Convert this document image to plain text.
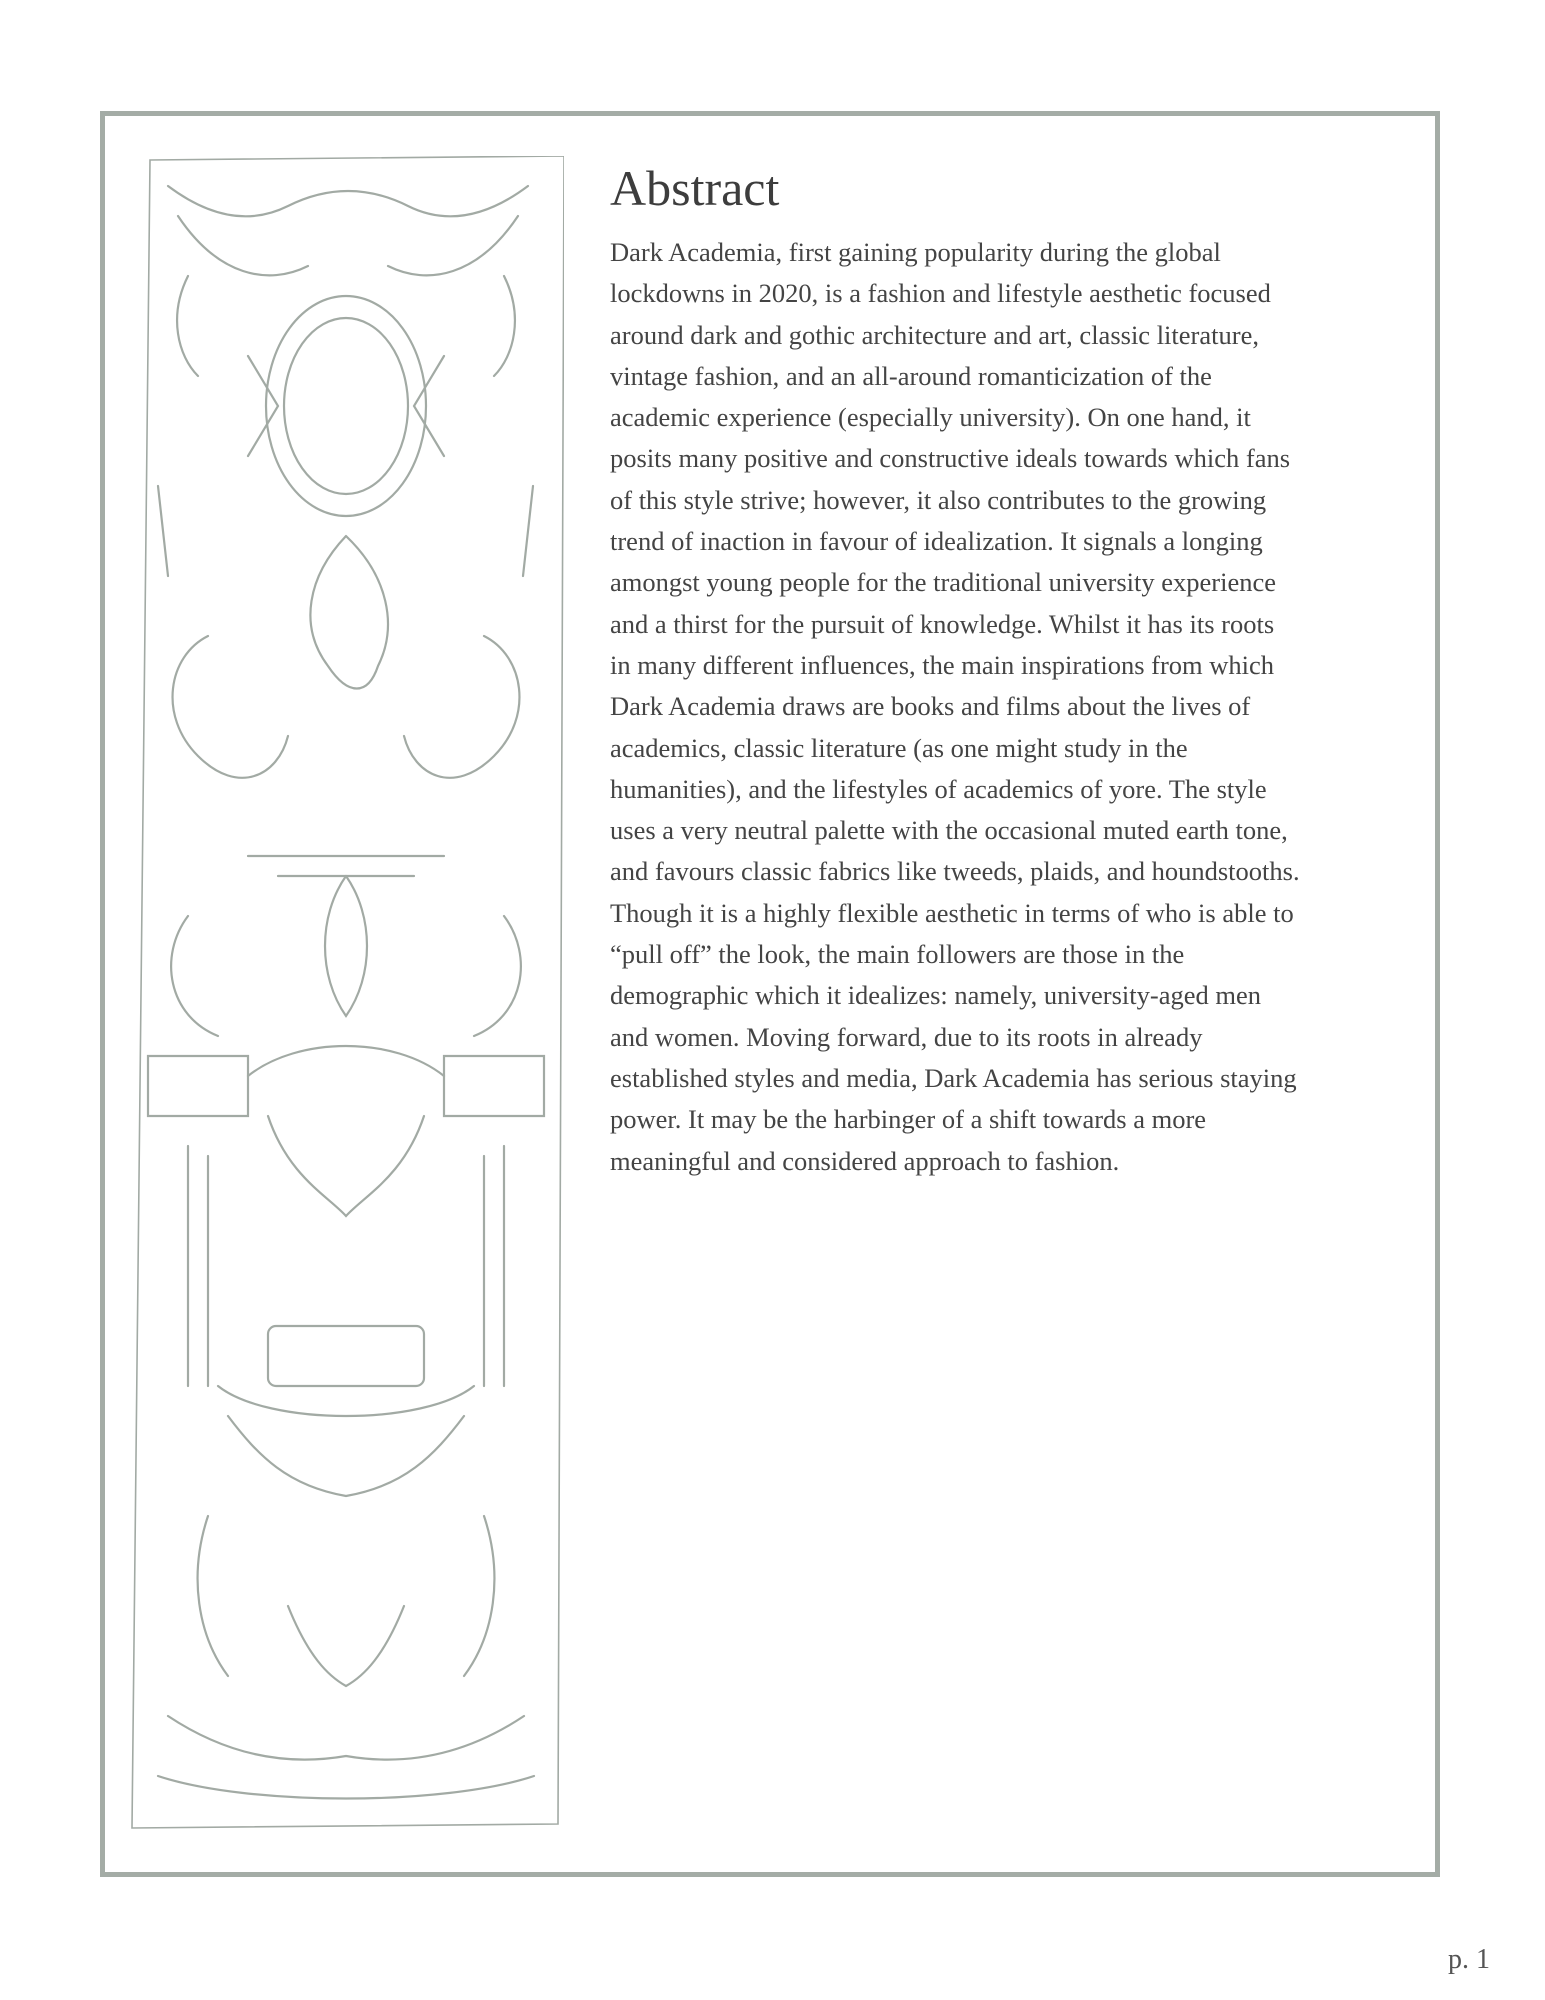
Abstract
Dark Academia, first gaining popularity during the global
lockdowns in 2020, is a fashion and lifestyle aesthetic focused
around dark and gothic architecture and art, classic literature,
vintage fashion, and an all-around romanticization of the
academic experience (especially university). On one hand, it
posits many positive and constructive ideals towards which fans
of this style strive; however, it also contributes to the growing
trend of inaction in favour of idealization. It signals a longing
amongst young people for the traditional university experience
and a thirst for the pursuit of knowledge. Whilst it has its roots
in many different influences, the main inspirations from which
Dark Academia draws are books and films about the lives of
academics, classic literature (as one might study in the
humanities), and the lifestyles of academics of yore. The style
uses a very neutral palette with the occasional muted earth tone,
and favours classic fabrics like tweeds, plaids, and houndstooths.
Though it is a highly flexible aesthetic in terms of who is able to
“pull off” the look, the main followers are those in the
demographic which it idealizes: namely, university-aged men
and women. Moving forward, due to its roots in already
established styles and media, Dark Academia has serious staying
power. It may be the harbinger of a shift towards a more
meaningful and considered approach to fashion.
p. 1
